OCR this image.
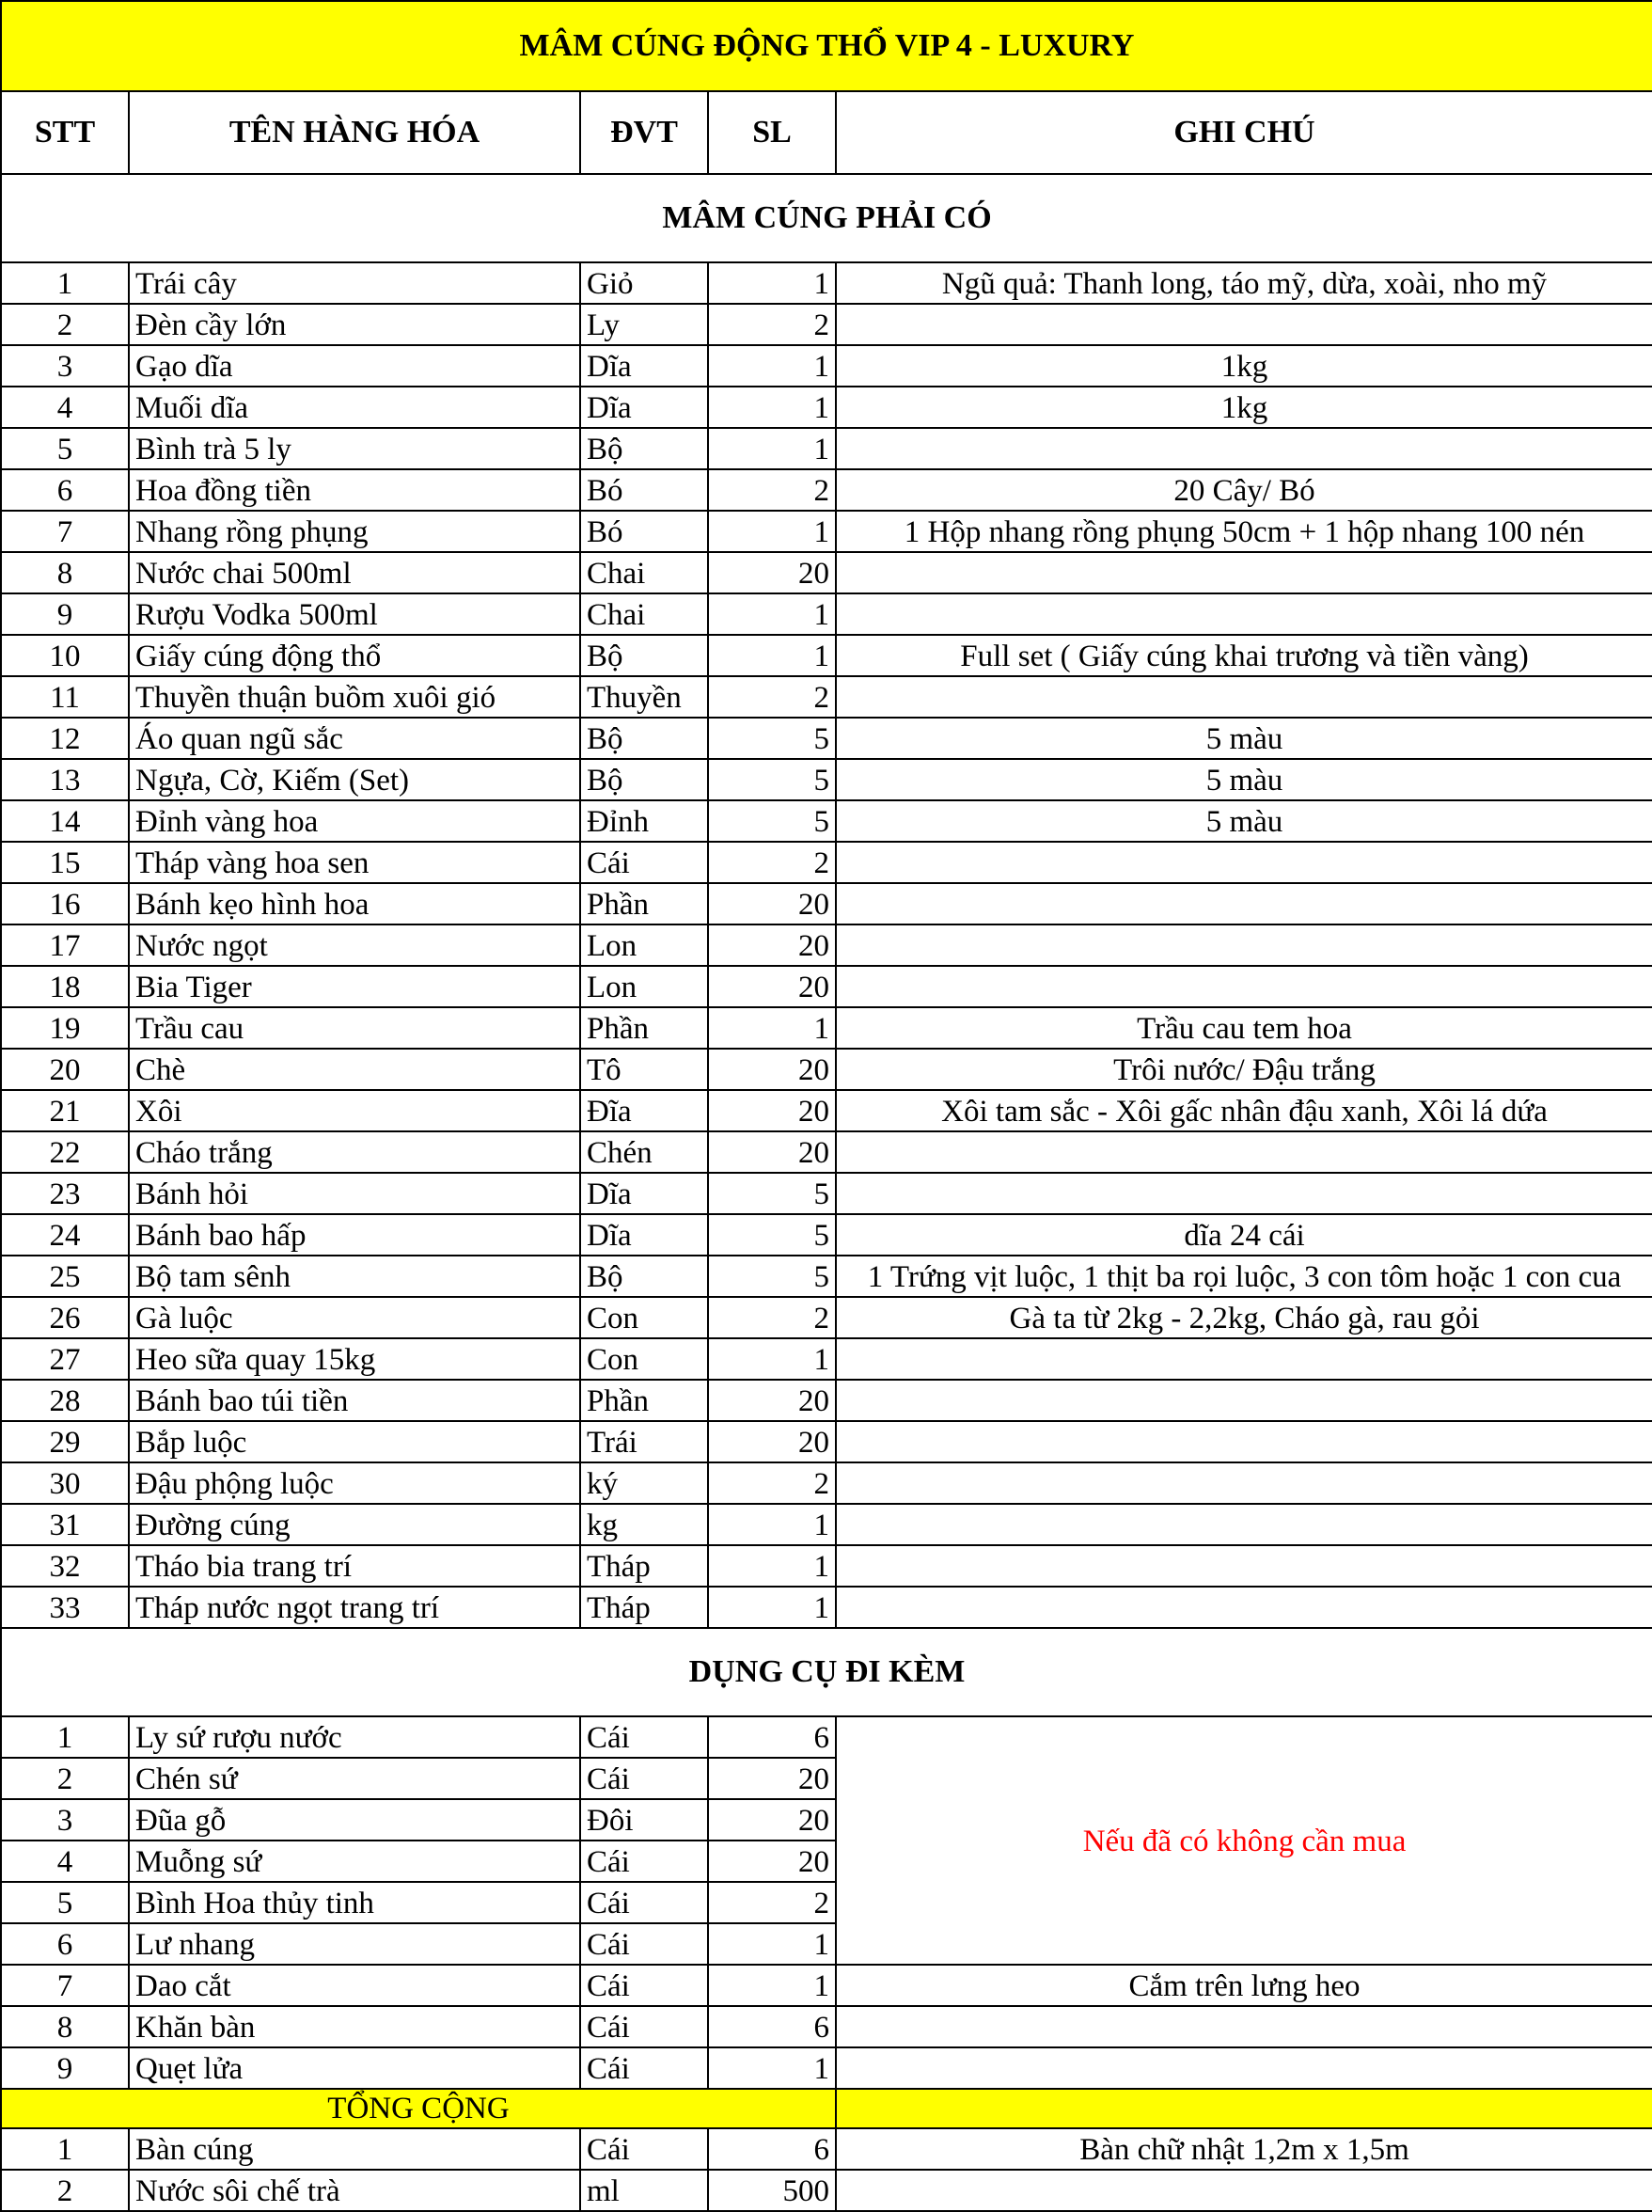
MÂM CÚNG ĐỘNG THỔ VIP 4 - LUXURY				
STT	TÊN HÀNG HÓA	ĐVT	SL	GHI CHÚ
MÂM CÚNG PHẢI CÓ				
1	Trái cây	Giỏ	1	Ngũ quả: Thanh long, táo mỹ, dừa, xoài, nho mỹ
2	Đèn cầy lớn	Ly	2	
3	Gạo dĩa	Dĩa	1	1kg
4	Muối dĩa	Dĩa	1	1kg
5	Bình trà 5 ly	Bộ	1	
6	Hoa đồng tiền	Bó	2	20 Cây/ Bó
7	Nhang rồng phụng	Bó	1	1 Hộp nhang rồng phụng 50cm + 1 hộp nhang 100 nén
8	Nước chai 500ml	Chai	20	
9	Rượu Vodka 500ml	Chai	1	
10	Giấy cúng động thổ	Bộ	1	Full set ( Giấy cúng khai trương và tiền vàng)
11	Thuyền thuận buồm xuôi gió	Thuyền	2	
12	Áo quan ngũ sắc	Bộ	5	5 màu
13	Ngựa, Cờ, Kiếm (Set)	Bộ	5	5 màu
14	Đỉnh vàng hoa	Đỉnh	5	5 màu
15	Tháp vàng hoa sen	Cái	2	
16	Bánh kẹo hình hoa	Phần	20	
17	Nước ngọt	Lon	20	
18	Bia Tiger	Lon	20	
19	Trầu cau	Phần	1	Trầu cau tem hoa
20	Chè	Tô	20	Trôi nước/ Đậu trắng
21	Xôi	Đĩa	20	Xôi tam sắc - Xôi gấc nhân đậu xanh, Xôi lá dứa
22	Cháo trắng	Chén	20	
23	Bánh hỏi	Dĩa	5	
24	Bánh bao hấp	Dĩa	5	dĩa 24 cái
25	Bộ tam sênh	Bộ	5	1 Trứng vịt luộc, 1 thịt ba rọi luộc, 3 con tôm hoặc 1 con cua
26	Gà luộc	Con	2	Gà ta từ 2kg - 2,2kg, Cháo gà, rau gỏi
27	Heo sữa quay 15kg	Con	1	
28	Bánh bao túi tiền	Phần	20	
29	Bắp luộc	Trái	20	
30	Đậu phộng luộc	ký	2	
31	Đường cúng	kg	1	
32	Tháo bia trang trí	Tháp	1	
33	Tháp nước ngọt trang trí	Tháp	1	
DỤNG CỤ ĐI KÈM				
1	Ly sứ rượu nước	Cái	6	Nếu đã có không cần mua
2	Chén sứ	Cái	20	
3	Đũa gỗ	Đôi	20	
4	Muỗng sứ	Cái	20	
5	Bình Hoa thủy tinh	Cái	2	
6	Lư nhang	Cái	1	
7	Dao cắt	Cái	1	Cắm trên lưng heo
8	Khăn bàn	Cái	6	
9	Quẹt lửa	Cái	1	
TỔNG CỘNG				
1	Bàn cúng	Cái	6	Bàn chữ nhật 1,2m x 1,5m
2	Nước sôi chế trà	ml	500	
